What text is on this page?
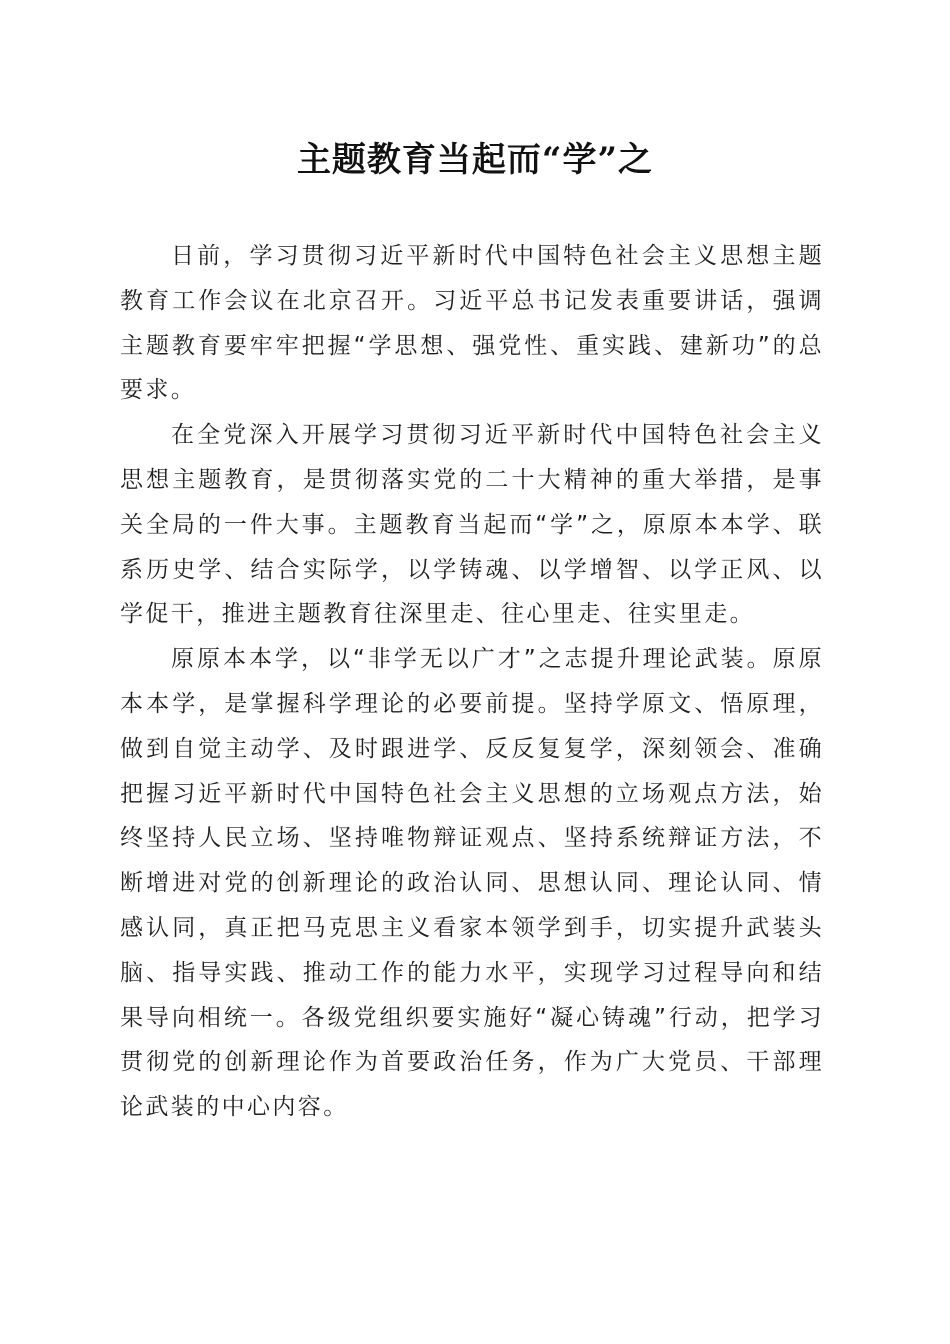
主题教育当起而“学”之

日前，学习贯彻习近平新时代中国特色社会主义思想主题教育工作会议在北京召开。习近平总书记发表重要讲话，强调主题教育要牢牢把握“学思想、强党性、重实践、建新功”的总要求。

在全党深入开展学习贯彻习近平新时代中国特色社会主义思想主题教育，是贯彻落实党的二十大精神的重大举措，是事关全局的一件大事。主题教育当起而“学”之，原原本本学、联系历史学、结合实际学，以学铸魂、以学增智、以学正风、以学促干，推进主题教育往深里走、往心里走、往实里走。

原原本本学，以“非学无以广才”之志提升理论武装。原原本本学，是掌握科学理论的必要前提。坚持学原文、悟原理，做到自觉主动学、及时跟进学、反反复复学，深刻领会、准确把握习近平新时代中国特色社会主义思想的立场观点方法，始终坚持人民立场、坚持唯物辩证观点、坚持系统辩证方法，不断增进对党的创新理论的政治认同、思想认同、理论认同、情感认同，真正把马克思主义看家本领学到手，切实提升武装头脑、指导实践、推动工作的能力水平，实现学习过程导向和结果导向相统一。各级党组织要实施好“凝心铸魂”行动，把学习贯彻党的创新理论作为首要政治任务，作为广大党员、干部理论武装的中心内容。
